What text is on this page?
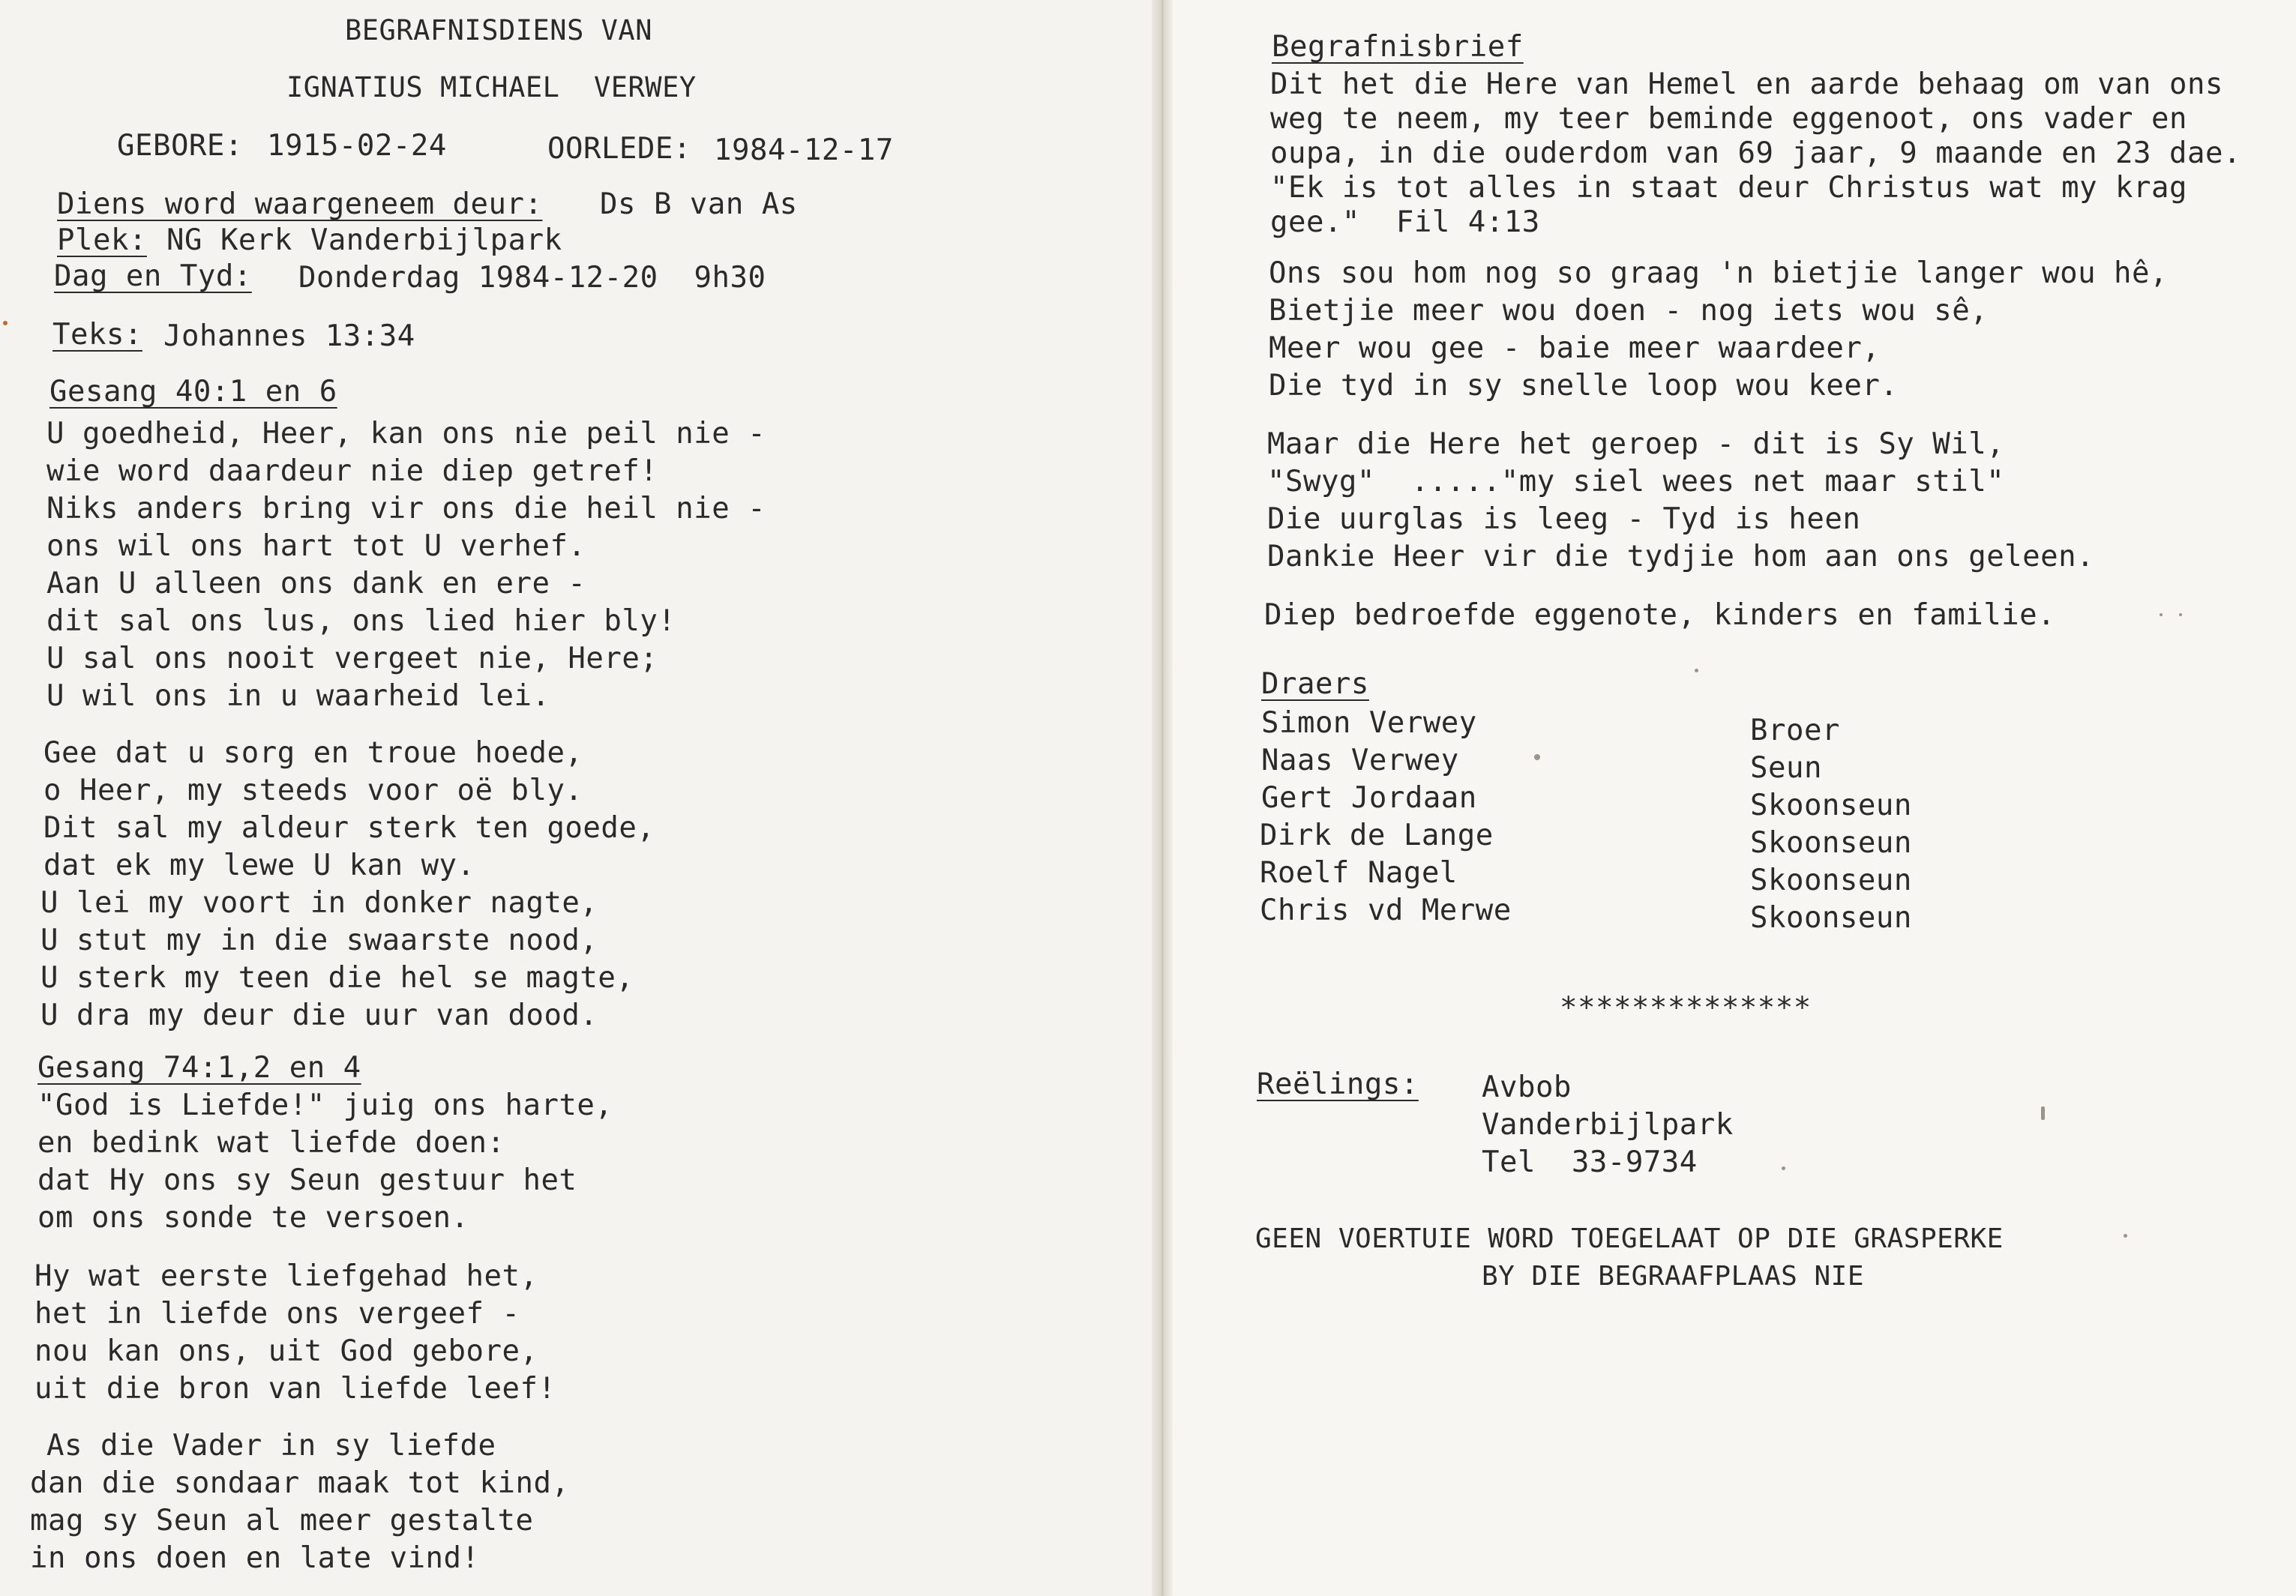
BEGRAFNISDIENS VAN
IGNATIUS MICHAEL  VERWEY
GEBORE: 1915-02-24	OORLEDE: 1984-12-17
Diens word waargeneem deur: Ds B van As
Plek: NG Kerk Vanderbijlpark
Dag en Tyd: Donderdag 1984-12-20  9h30
Teks: Johannes 13:34
Gesang 40:1 en 6
U goedheid, Heer, kan ons nie peil nie -
wie word daardeur nie diep getref!
Niks anders bring vir ons die heil nie -
ons wil ons hart tot U verhef.
Aan U alleen ons dank en ere -
dit sal ons lus, ons lied hier bly!
U sal ons nooit vergeet nie, Here;
U wil ons in u waarheid lei.
Gee dat u sorg en troue hoede,
o Heer, my steeds voor oë bly.
Dit sal my aldeur sterk ten goede,
dat ek my lewe U kan wy.
U lei my voort in donker nagte,
U stut my in die swaarste nood,
U sterk my teen die hel se magte,
U dra my deur die uur van dood.
Gesang 74:1,2 en 4
"God is Liefde!" juig ons harte,
en bedink wat liefde doen:
dat Hy ons sy Seun gestuur het
om ons sonde te versoen.
Hy wat eerste liefgehad het,
het in liefde ons vergeef -
nou kan ons, uit God gebore,
uit die bron van liefde leef!
As die Vader in sy liefde
dan die sondaar maak tot kind,
mag sy Seun al meer gestalte
in ons doen en late vind!
Begrafnisbrief
Dit het die Here van Hemel en aarde behaag om van ons
weg te neem, my teer beminde eggenoot, ons vader en
oupa, in die ouderdom van 69 jaar, 9 maande en 23 dae.
"Ek is tot alles in staat deur Christus wat my krag
gee."  Fil 4:13
Ons sou hom nog so graag 'n bietjie langer wou hê,
Bietjie meer wou doen - nog iets wou sê,
Meer wou gee - baie meer waardeer,
Die tyd in sy snelle loop wou keer.
Maar die Here het geroep - dit is Sy Wil,
"Swyg"  ....."my siel wees net maar stil"
Die uurglas is leeg - Tyd is heen
Dankie Heer vir die tydjie hom aan ons geleen.
Diep bedroefde eggenote, kinders en familie.
Draers
Simon Verwey	Broer
Naas Verwey	Seun
Gert Jordaan	Skoonseun
Dirk de Lange	Skoonseun
Roelf Nagel	Skoonseun
Chris vd Merwe	Skoonseun
**************
Reëlings: Avbob
Vanderbijlpark
Tel  33-9734
GEEN VOERTUIE WORD TOEGELAAT OP DIE GRASPERKE
BY DIE BEGRAAFPLAAS NIE
